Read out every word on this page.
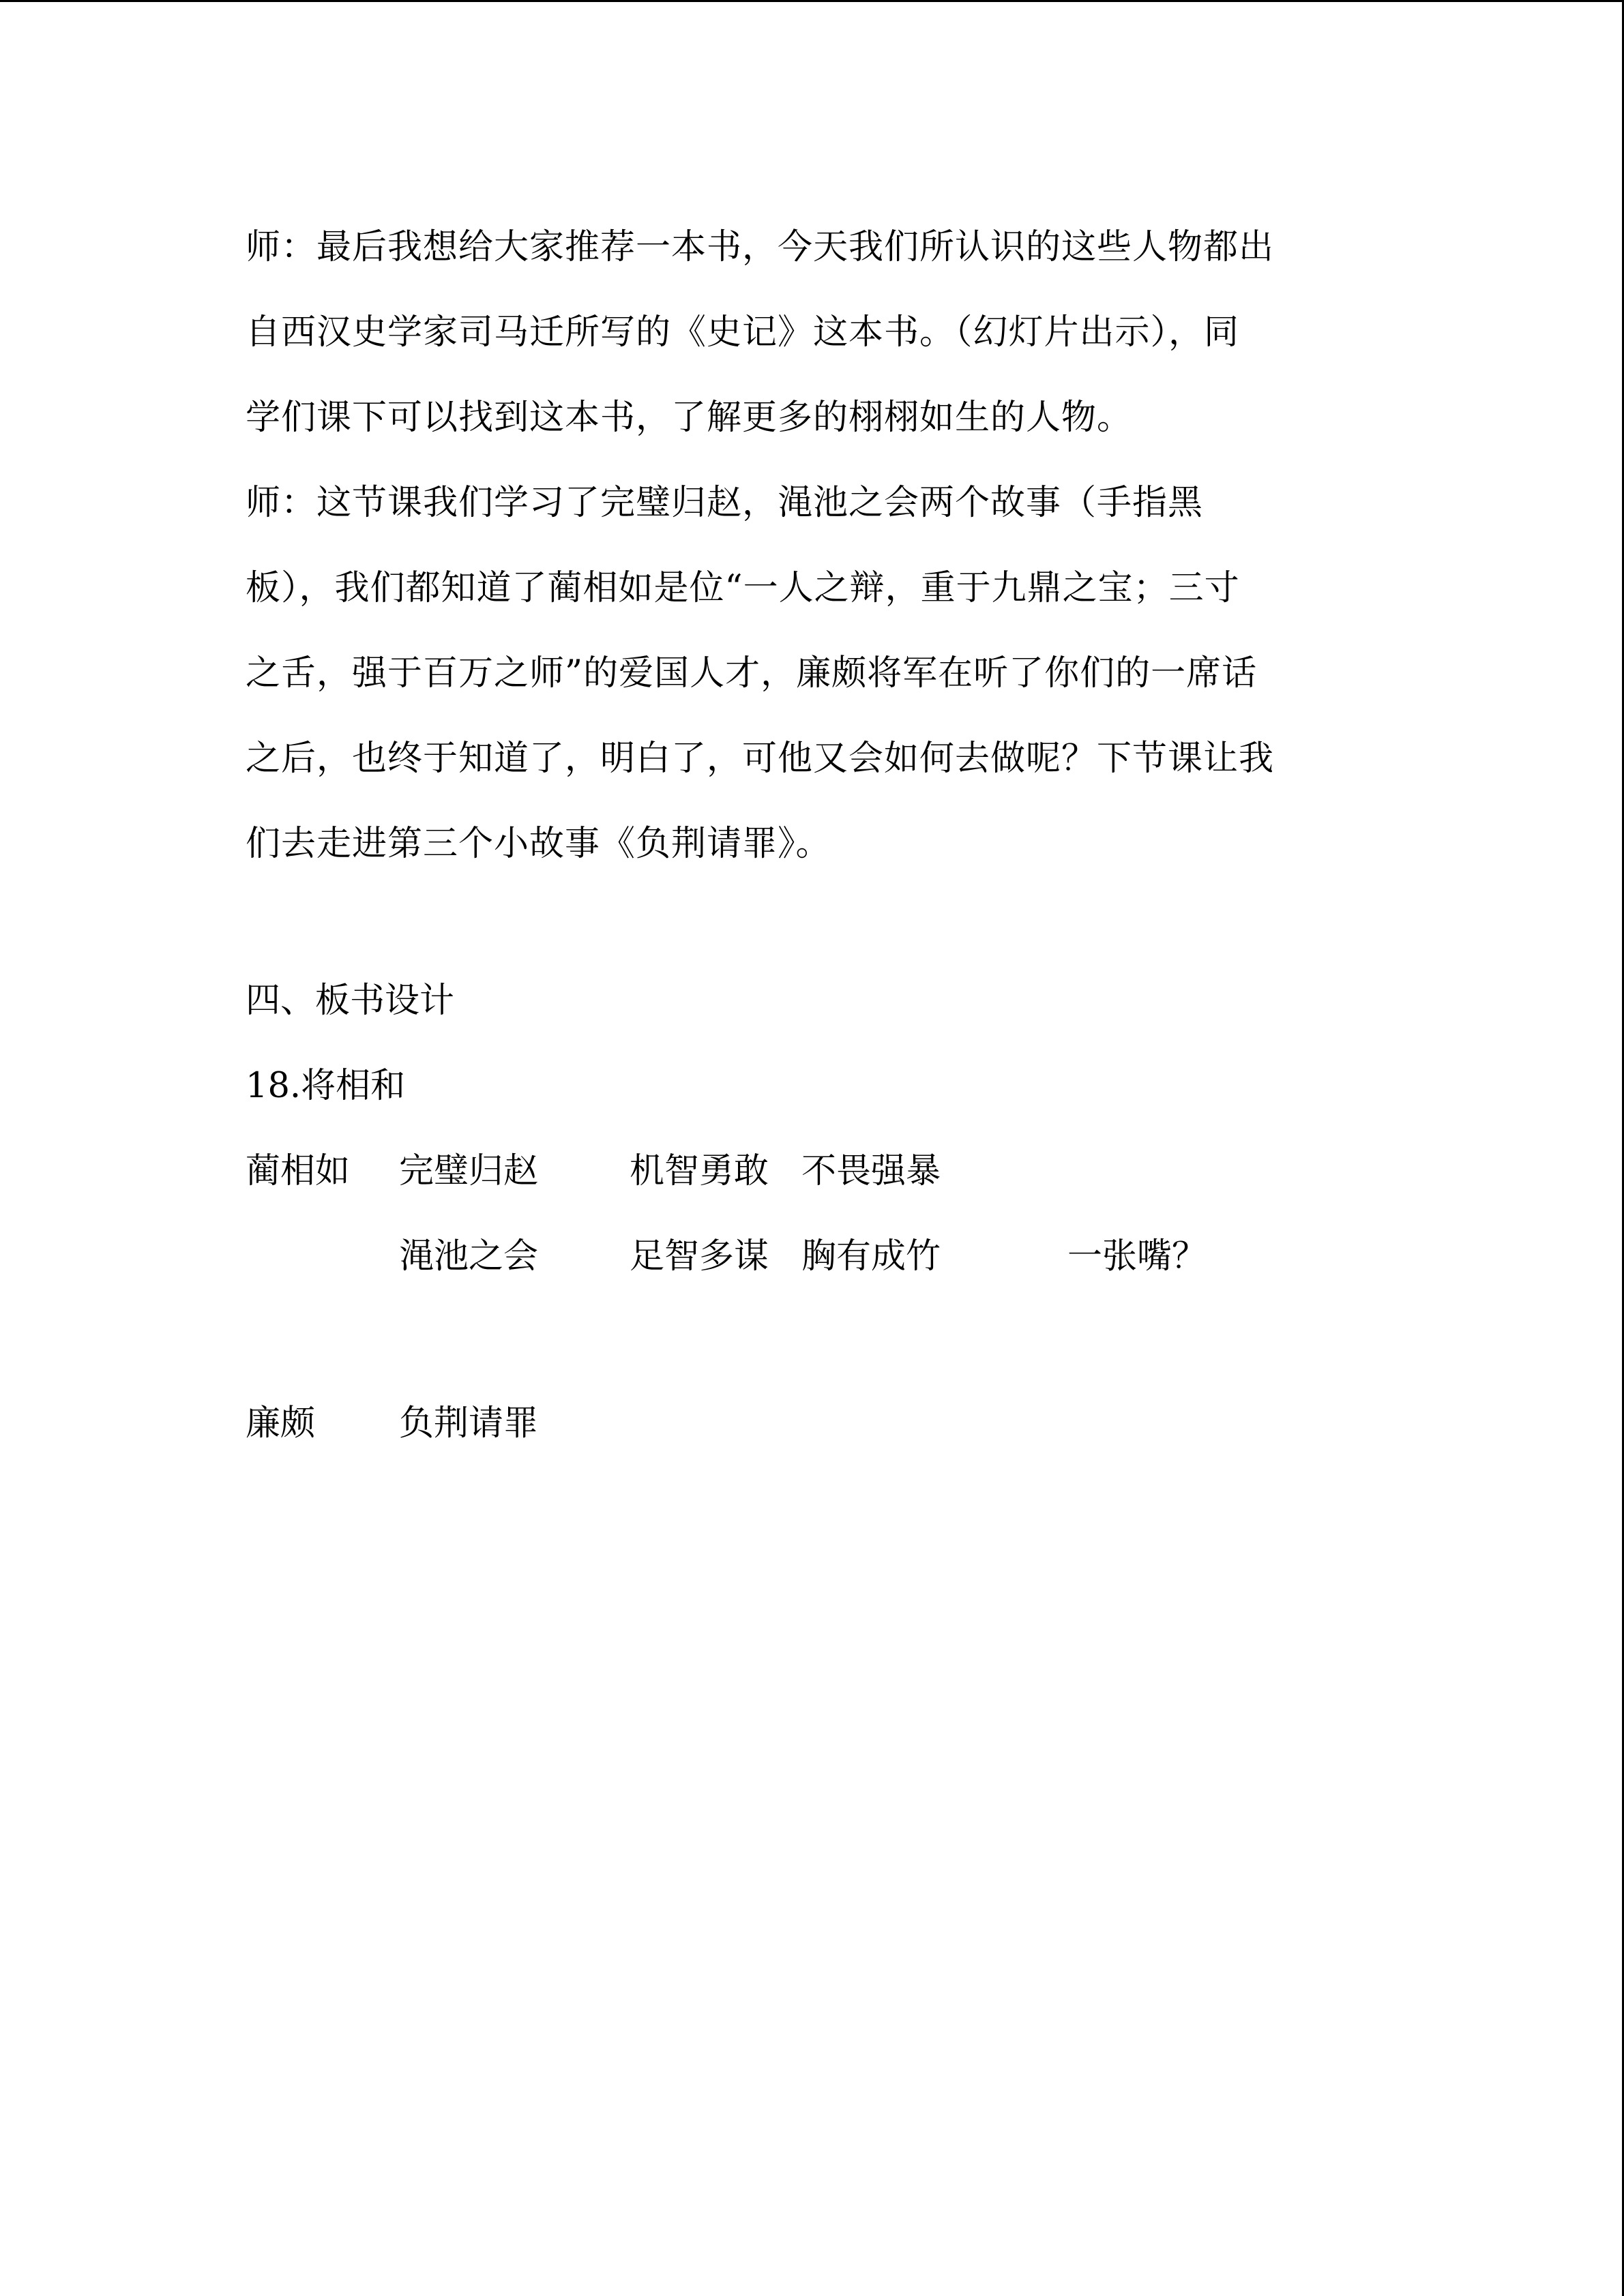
师：最后我想给大家推荐一本书，今天我们所认识的这些人物都出
自西汉史学家司马迁所写的《史记》这本书。（幻灯片出示），同
学们课下可以找到这本书，了解更多的栩栩如生的人物。

师：这节课我们学习了完璧归赵，渑池之会两个故事（手指黑
板），我们都知道了蔺相如是位“一人之辩，重于九鼎之宝；三寸
之舌，强于百万之师”的爱国人才，廉颇将军在听了你们的一席话
之后，也终于知道了，明白了，可他又会如何去做呢？下节课让我
们去走进第三个小故事《负荆请罪》。

四、板书设计

18.将相和

蔺相如 完璧归赵	机智勇敢 不畏强暴
渑池之会	足智多谋 胸有成竹	一张嘴？
廉颇 负荆请罪
